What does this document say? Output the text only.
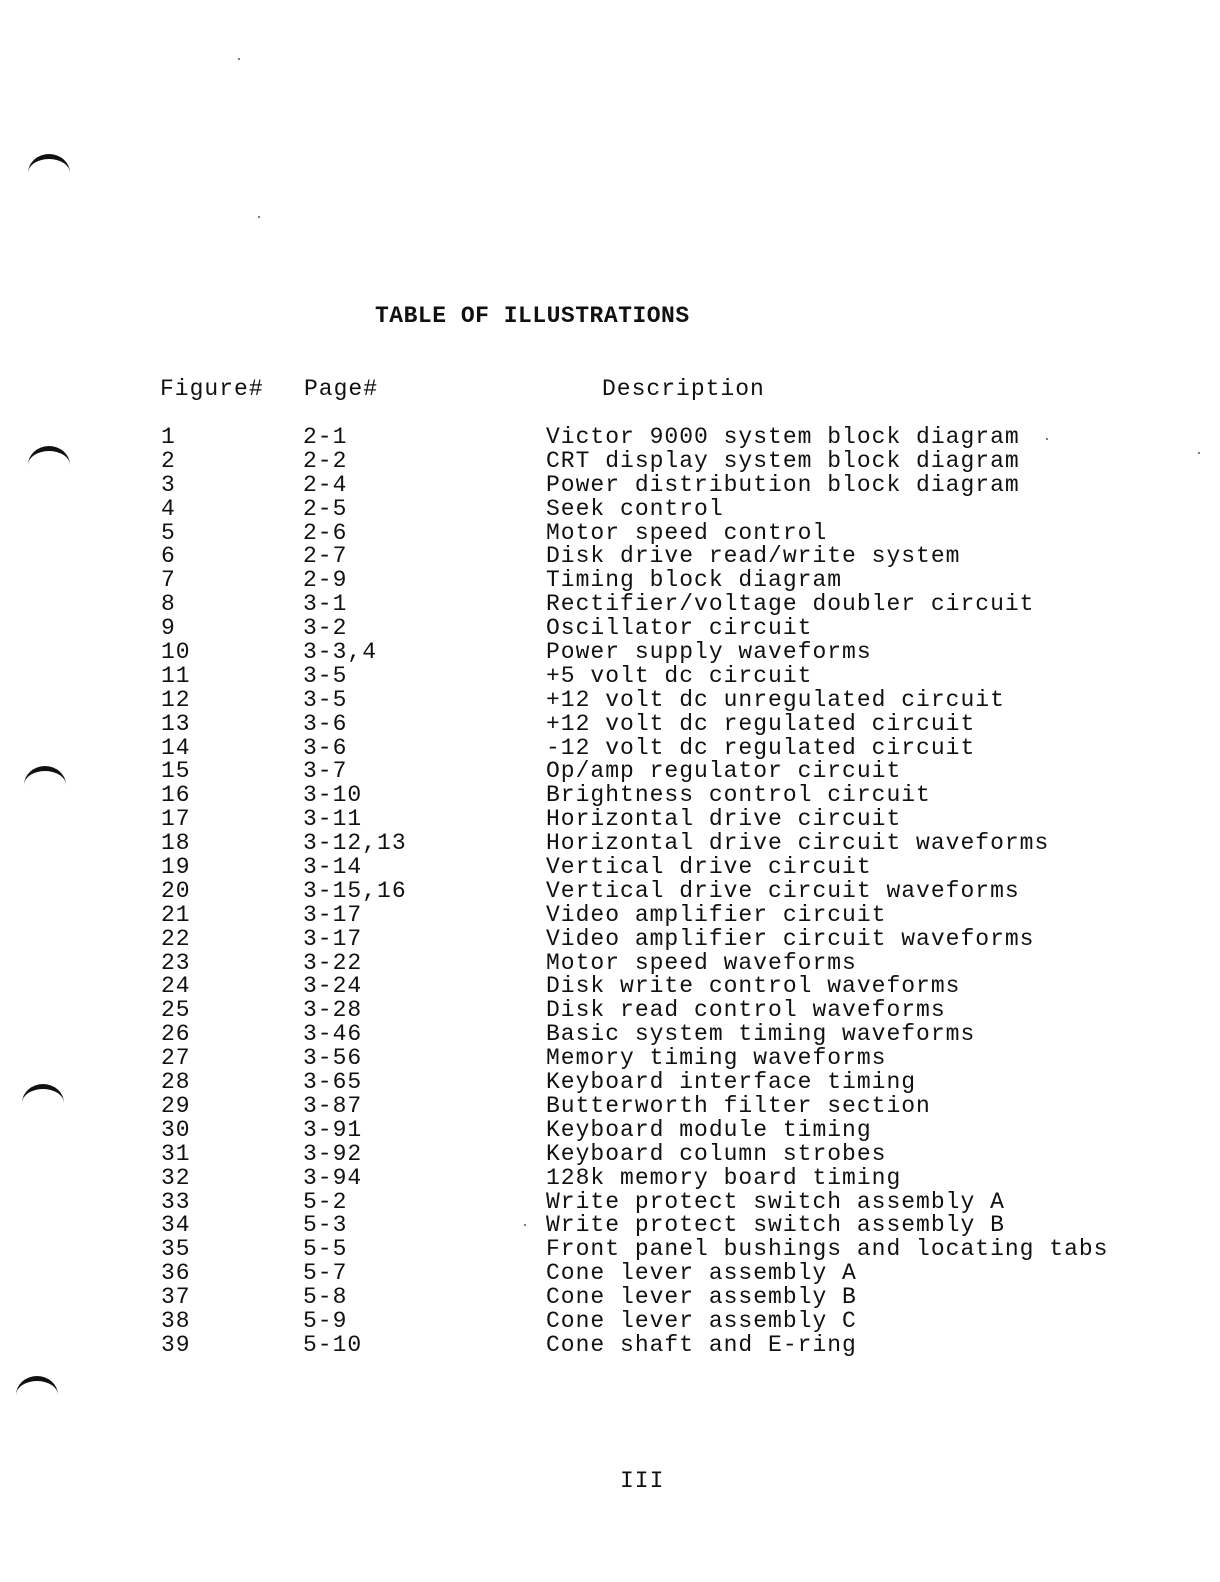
TABLE OF ILLUSTRATIONS
Figure# Page#	Description
1	2-1	Victor 9000 system block diagram
2	2-2	CRT display system block diagram
3	2-4	Power distribution block diagram
4	2-5	Seek control
5	2-6	Motor speed control
6	2-7	Disk drive read/write system
7	2-9	Timing block diagram
8	3-1	Rectifier/voltage doubler circuit
9	3-2	Oscillator circuit
10	3-3,4	Power supply waveforms
11	3-5	+5 volt dc circuit
12	3-5	+12 volt dc unregulated circuit
13	3-6	+12 volt dc regulated circuit
14	3-6	-12 volt dc regulated circuit
15	3-7	Op/amp regulator circuit
16	3-10	Brightness control circuit
17	3-11	Horizontal drive circuit
18	3-12,13	Horizontal drive circuit waveforms
19	3-14	Vertical drive circuit
20	3-15,16	Vertical drive circuit waveforms
21	3-17	Video amplifier circuit
22	3-17	Video amplifier circuit waveforms
23	3-22	Motor speed waveforms
24	3-24	Disk write control waveforms
25	3-28	Disk read control waveforms
26	3-46	Basic system timing waveforms
27	3-56	Memory timing waveforms
28	3-65	Keyboard interface timing
29	3-87	Butterworth filter section
30	3-91	Keyboard module timing
31	3-92	Keyboard column strobes
32	3-94	128k memory board timing
33	5-2	Write protect switch assembly A
34	5-3	Write protect switch assembly B
35	5-5	Front panel bushings and locating tabs
36	5-7	Cone lever assembly A
37	5-8	Cone lever assembly B
38	5-9	Cone lever assembly C
39	5-10	Cone shaft and E-ring
III
